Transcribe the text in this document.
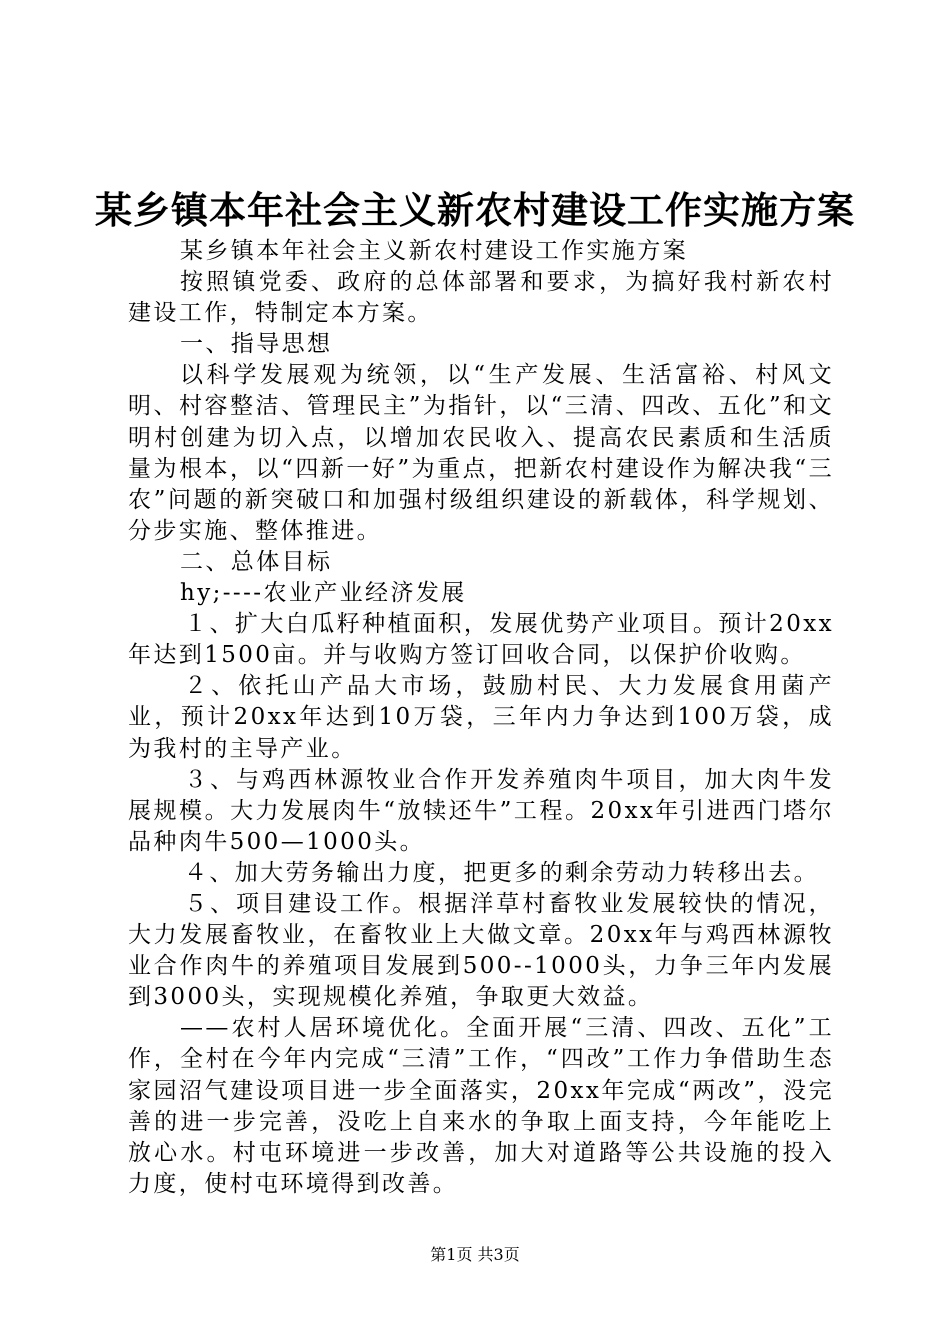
某乡镇本年社会主义新农村建设工作实施方案

某乡镇本年社会主义新农村建设工作实施方案

按照镇党委、政府的总体部署和要求，为搞好我村新农村建设工作，特制定本方案。

一、指导思想

以科学发展观为统领，以“生产发展、生活富裕、村风文明、村容整洁、管理民主”为指针，以“三清、四改、五化”和文明村创建为切入点，以增加农民收入、提高农民素质和生活质量为根本，以“四新一好”为重点，把新农村建设作为解决我“三农”问题的新突破口和加强村级组织建设的新载体，科学规划、分步实施、整体推进。

二、总体目标

hy;----农业产业经济发展

１、扩大白瓜籽种植面积，发展优势产业项目。预计20xx年达到1500亩。并与收购方签订回收合同，以保护价收购。

２、依托山产品大市场，鼓励村民、大力发展食用菌产业，预计20xx年达到10万袋，三年内力争达到100万袋，成为我村的主导产业。

３、与鸡西林源牧业合作开发养殖肉牛项目，加大肉牛发展规模。大力发展肉牛“放犊还牛”工程。20xx年引进西门塔尔品种肉牛500—1000头。

４、加大劳务输出力度，把更多的剩余劳动力转移出去。

５、项目建设工作。根据洋草村畜牧业发展较快的情况，大力发展畜牧业，在畜牧业上大做文章。20xx年与鸡西林源牧业合作肉牛的养殖项目发展到500--1000头，力争三年内发展到3000头，实现规模化养殖，争取更大效益。

——农村人居环境优化。全面开展“三清、四改、五化”工作，全村在今年内完成“三清”工作，“四改”工作力争借助生态家园沼气建设项目进一步全面落实，20xx年完成“两改”，没完善的进一步完善，没吃上自来水的争取上面支持，今年能吃上放心水。村屯环境进一步改善，加大对道路等公共设施的投入力度，使村屯环境得到改善。

第1页 共3页
